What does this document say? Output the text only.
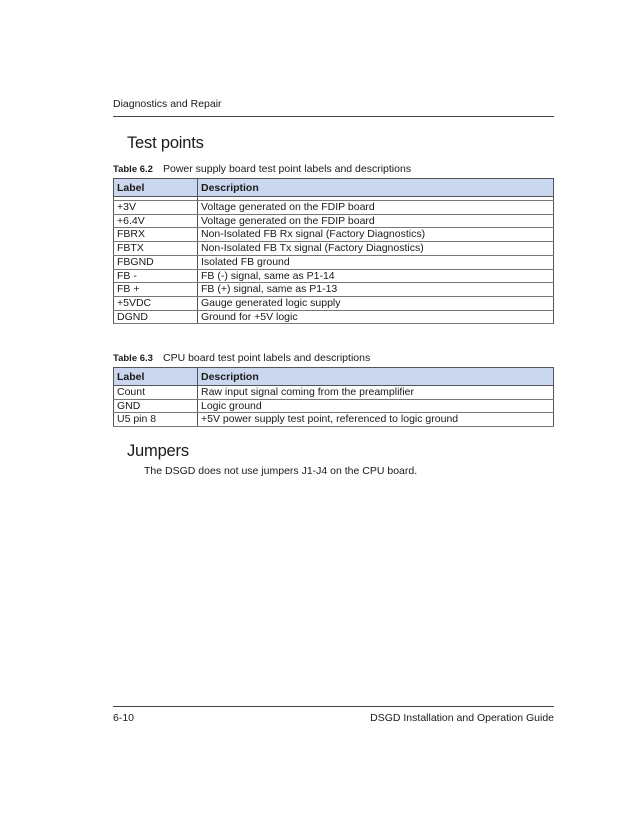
Diagnostics and Repair
Test points
Table 6.2 Power supply board test point labels and descriptions
Label	Description

+3V	Voltage generated on the FDIP board
+6.4V	Voltage generated on the FDIP board
FBRX	Non-Isolated FB Rx signal (Factory Diagnostics)
FBTX	Non-Isolated FB Tx signal (Factory Diagnostics)
FBGND	Isolated FB ground
FB -	FB (-) signal, same as P1-14
FB +	FB (+) signal, same as P1-13
+5VDC	Gauge generated logic supply
DGND	Ground for +5V logic
Table 6.3 CPU board test point labels and descriptions
Label	Description
Count	Raw input signal coming from the preamplifier
GND	Logic ground
U5 pin 8	+5V power supply test point, referenced to logic ground
Jumpers
The DSGD does not use jumpers J1-J4 on the CPU board.
6-10	DSGD Installation and Operation Guide
